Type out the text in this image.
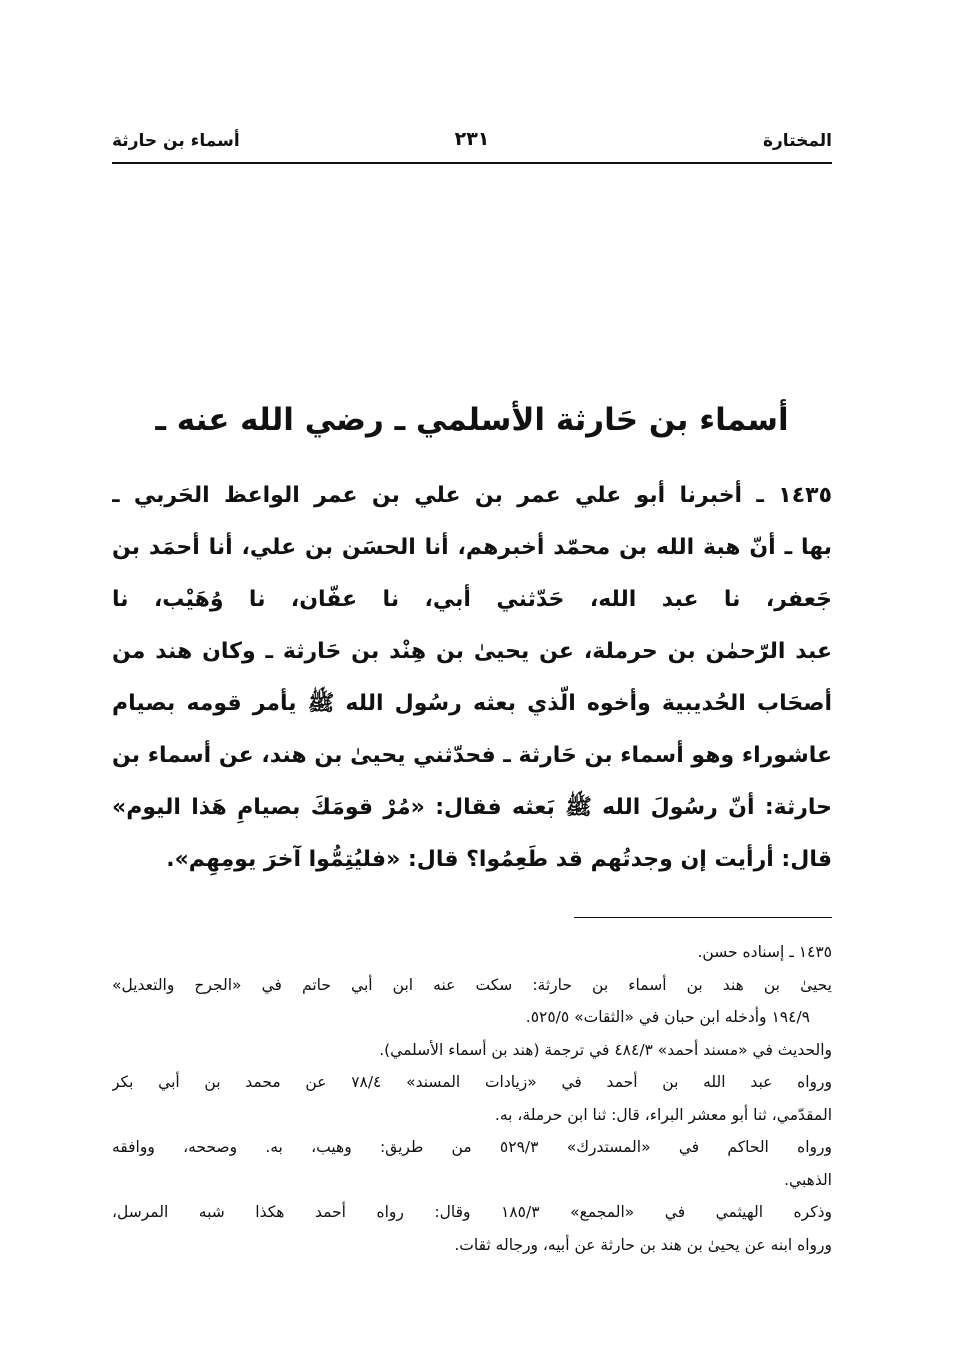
المختارة
٢٣١
أسماء بن حارثة
أسماء بن حَارثة الأسلمي ـ رضي الله عنه ـ
١٤٣٥ ـ أخبرنا أبو علي عمر بن علي بن عمر الواعظ الحَربي ـ
بها ـ أنّ هبة الله بن محمّد أخبرهم، أنا الحسَن بن علي، أنا أحمَد بن
جَعفر، نا عبد الله، حَدّثني أبي، نا عفّان، نا وُهَيْب، نا
عبد الرّحمٰن بن حرملة، عن يحيىٰ بن هِنْد بن حَارثة ـ وكان هند من
أصحَاب الحُديبية وأخوه الّذي بعثه رسُول الله ﷺ يأمر قومه بصيام
عاشوراء وهو أسماء بن حَارثة ـ فحدّثني يحيىٰ بن هند، عن أسماء بن
حارثة: أنّ رسُولَ الله ﷺ بَعثه فقال: «مُرْ قومَكَ بصيامِ هَذا اليوم»
قال: أرأيت إن وجدتُهم قد طَعِمُوا؟ قال: «فليُتِمُّوا آخرَ يومِهِم».
١٤٣٥ ـ إسناده حسن.
يحيىٰ بن هند بن أسماء بن حارثة: سكت عنه ابن أبي حاتم في «الجرح والتعديل»
١٩٤/٩ وأدخله ابن حبان في «الثقات» ٥٢٥/٥.
والحديث في «مسند أحمد» ٤٨٤/٣ في ترجمة (هند بن أسماء الأسلمي).
ورواه عبد الله بن أحمد في «زيادات المسند» ٧٨/٤ عن محمد بن أبي بكر
المقدّمي، ثنا أبو معشر البراء، قال: ثنا ابن حرملة، به.
ورواه الحاكم في «المستدرك» ٥٢٩/٣ من طريق: وهيب، به. وصححه، ووافقه
الذهبي.
وذكره الهيثمي في «المجمع» ١٨٥/٣ وقال: رواه أحمد هكذا شبه المرسل،
ورواه ابنه عن يحيىٰ بن هند بن حارثة عن أبيه، ورجاله ثقات.
